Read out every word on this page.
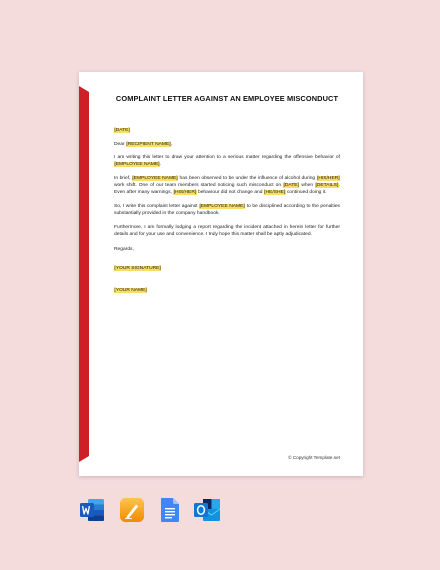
COMPLAINT LETTER AGAINST AN EMPLOYEE MISCONDUCT

[DATE]

Dear [RECIPIENT NAME],

I am writing this letter to draw your attention to a serious matter regarding the offensive behavior of [EMPLOYEE NAME].

In brief, [EMPLOYEE NAME] has been observed to be under the influence of alcohol during [HIS/HER] work shift. One of our team members started noticing such misconduct on [DATE] when [DETAILS]. Even after many warnings, [HIS/HER] behaviour did not change and [HE/SHE] continued doing it.

So, I write this complaint letter against [EMPLOYEE NAME] to be disciplined according to the penalties substantially provided in the company handbook.

Furthermore, I am formally lodging a report regarding the incident attached in herein letter for further details and for your use and convenience. I truly hope this matter shall be aptly adjudicated.

Regards,

[YOUR SIGNATURE]

[YOUR NAME]

© Copyright Template.net
